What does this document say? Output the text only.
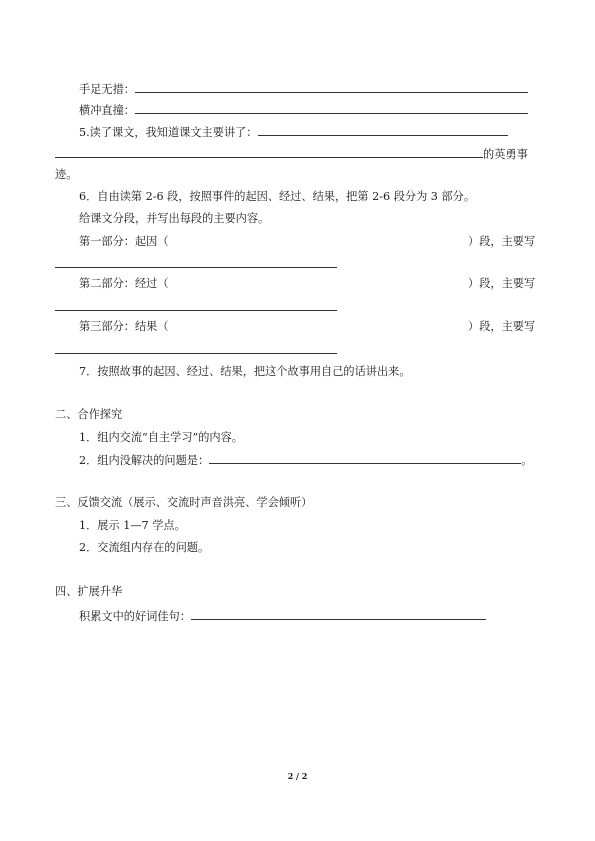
手足无措：
横冲直撞：
5.读了课文，我知道课文主要讲了：
的英勇事
迹。
6．自由读第 2-6 段，按照事件的起因、经过、结果，把第 2-6 段分为 3 部分。
给课文分段，并写出每段的主要内容。
第一部分：起因（	）段，主要写
第二部分：经过（	）段，主要写
第三部分：结果（	）段，主要写
7．按照故事的起因、经过、结果，把这个故事用自己的话讲出来。
二、合作探究
1．组内交流“自主学习”的内容。
2．组内没解决的问题是：	。
三、反馈交流（展示、交流时声音洪亮、学会倾听）
1．展示 1—7 学点。
2．交流组内存在的问题。
四、扩展升华
积累文中的好词佳句：
2 / 2
